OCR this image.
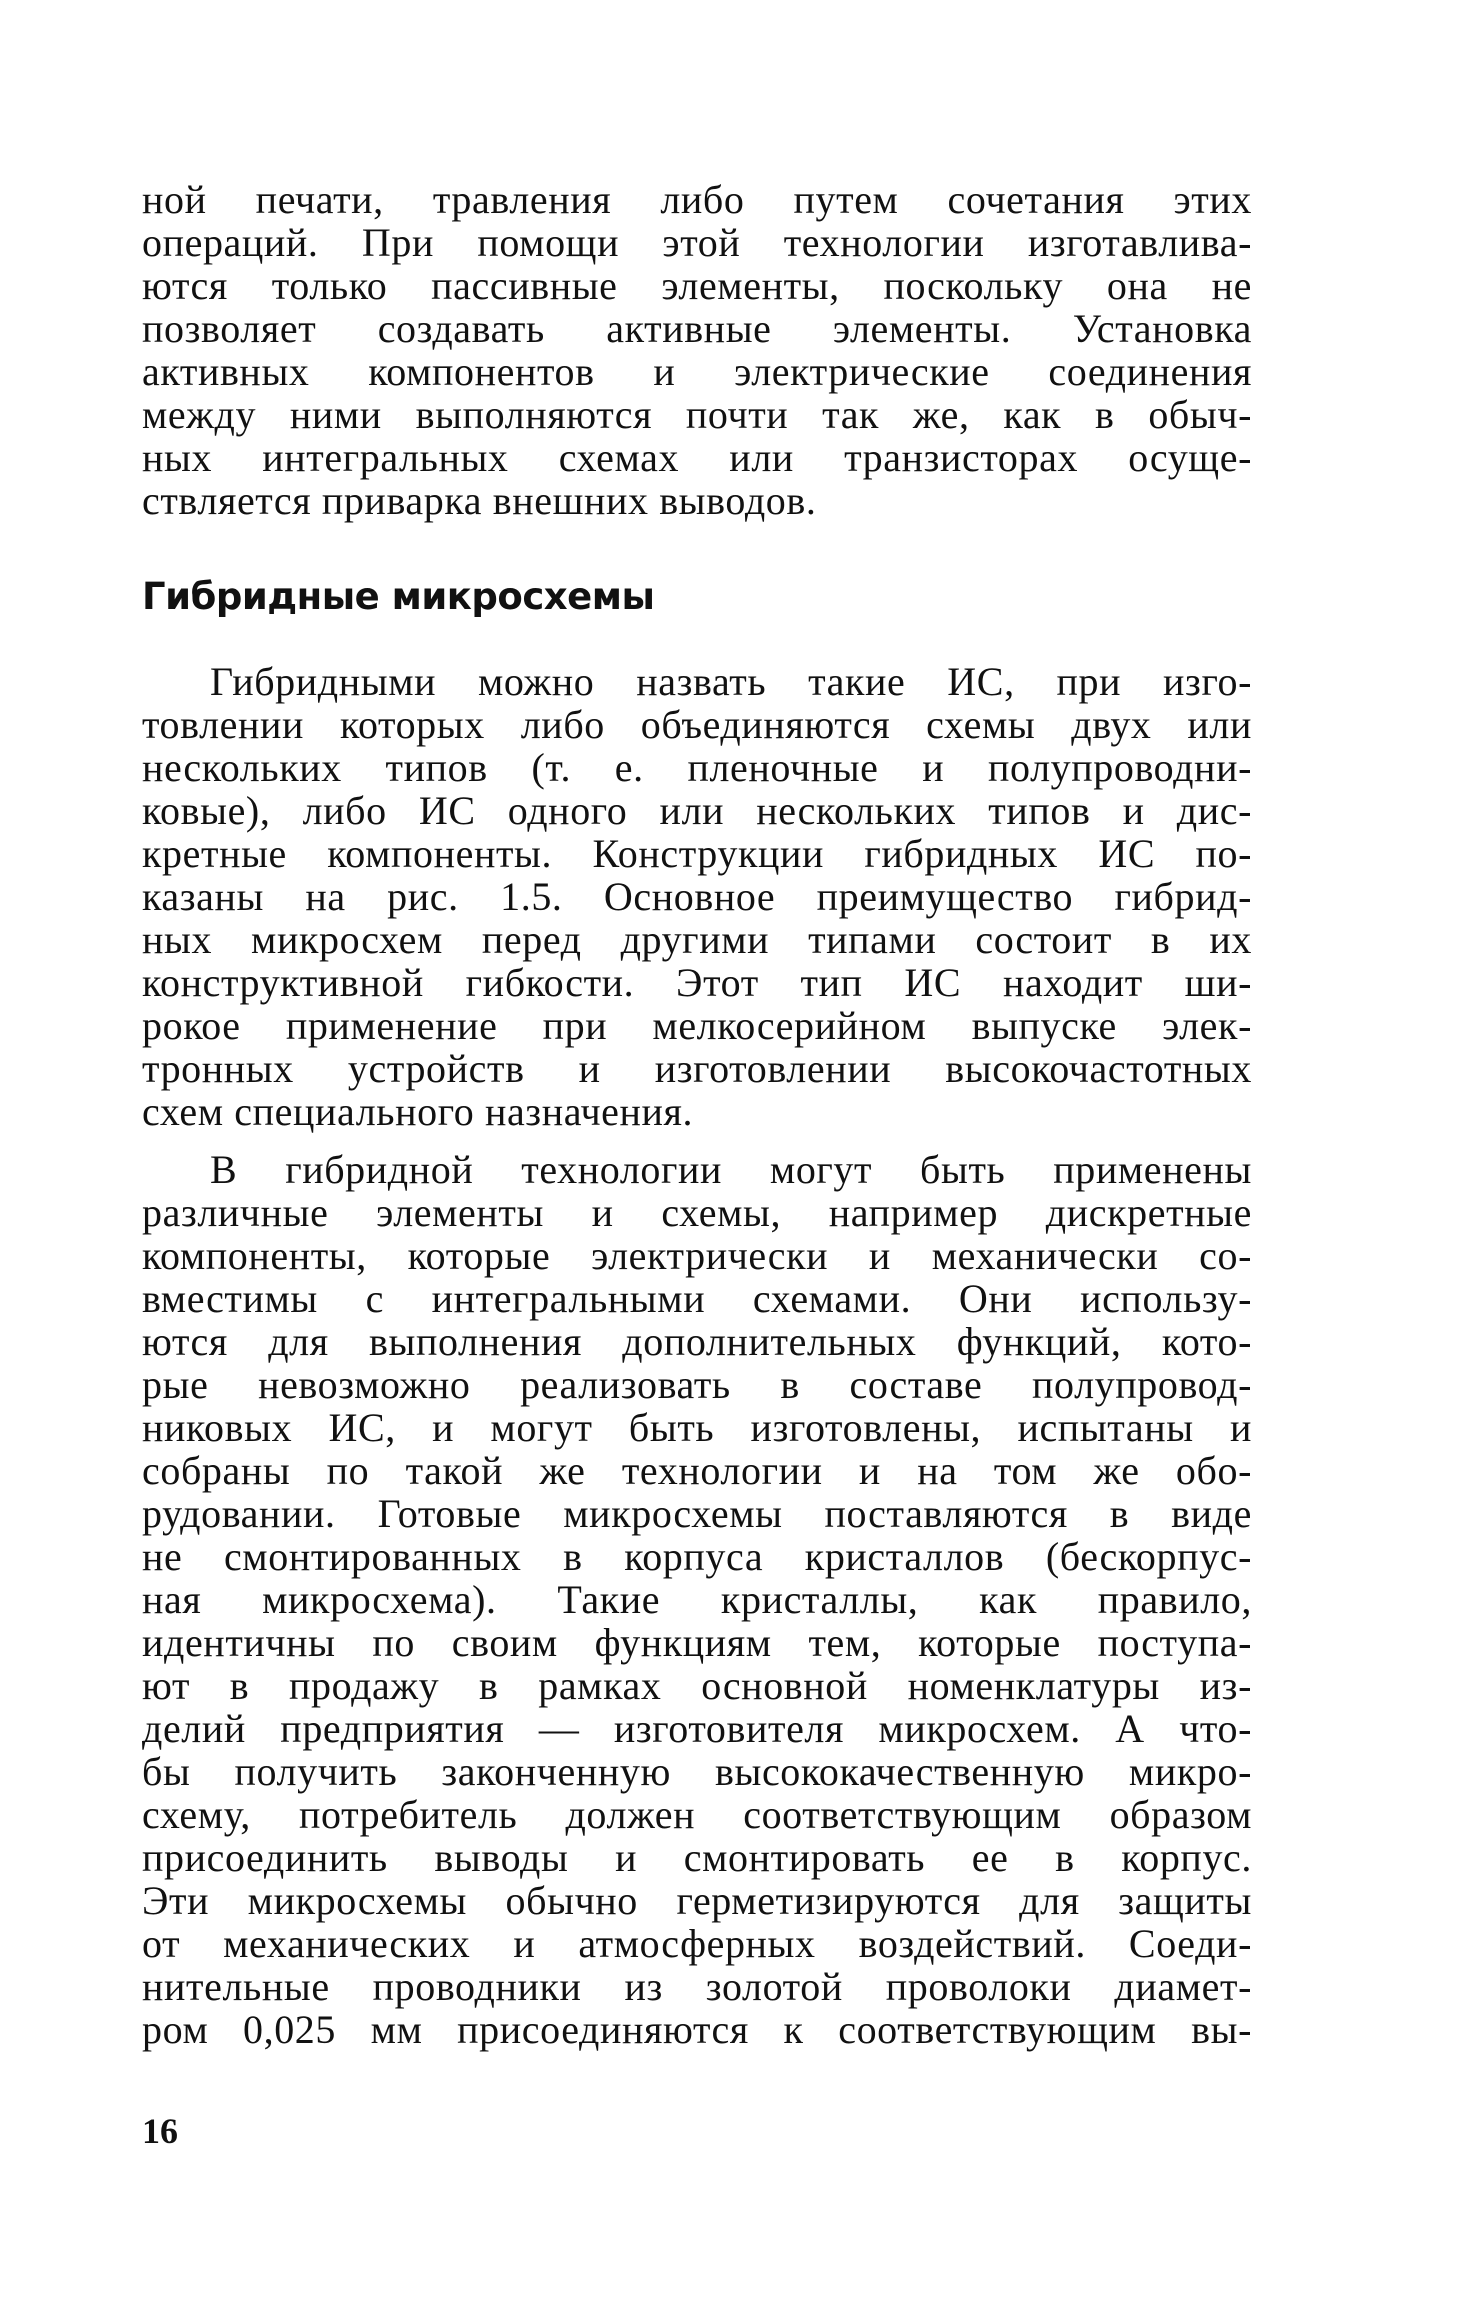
ной печати, травления либо путем сочетания этих
операций. При помощи этой технологии изготавлива-
ются только пассивные элементы, поскольку она не
позволяет создавать активные элементы. Установка
активных компонентов и электрические соединения
между ними выполняются почти так же, как в обыч-
ных интегральных схемах или транзисторах осуще-
ствляется приварка внешних выводов.
Гибридные микросхемы
Гибридными можно назвать такие ИС, при изго-
товлении которых либо объединяются схемы двух или
нескольких типов (т. е. пленочные и полупроводни-
ковые), либо ИС одного или нескольких типов и дис-
кретные компоненты. Конструкции гибридных ИС по-
казаны на рис. 1.5. Основное преимущество гибрид-
ных микросхем перед другими типами состоит в их
конструктивной гибкости. Этот тип ИС находит ши-
рокое применение при мелкосерийном выпуске элек-
тронных устройств и изготовлении высокочастотных
схем специального назначения.
В гибридной технологии могут быть применены
различные элементы и схемы, например дискретные
компоненты, которые электрически и механически со-
вместимы с интегральными схемами. Они использу-
ются для выполнения дополнительных функций, кото-
рые невозможно реализовать в составе полупровод-
никовых ИС, и могут быть изготовлены, испытаны и
собраны по такой же технологии и на том же обо-
рудовании. Готовые микросхемы поставляются в виде
не смонтированных в корпуса кристаллов (бескорпус-
ная микросхема). Такие кристаллы, как правило,
идентичны по своим функциям тем, которые поступа-
ют в продажу в рамках основной номенклатуры из-
делий предприятия — изготовителя микросхем. А что-
бы получить законченную высококачественную микро-
схему, потребитель должен соответствующим образом
присоединить выводы и смонтировать ее в корпус.
Эти микросхемы обычно герметизируются для защиты
от механических и атмосферных воздействий. Соеди-
нительные проводники из золотой проволоки диамет-
ром 0,025 мм присоединяются к соответствующим вы-
16
